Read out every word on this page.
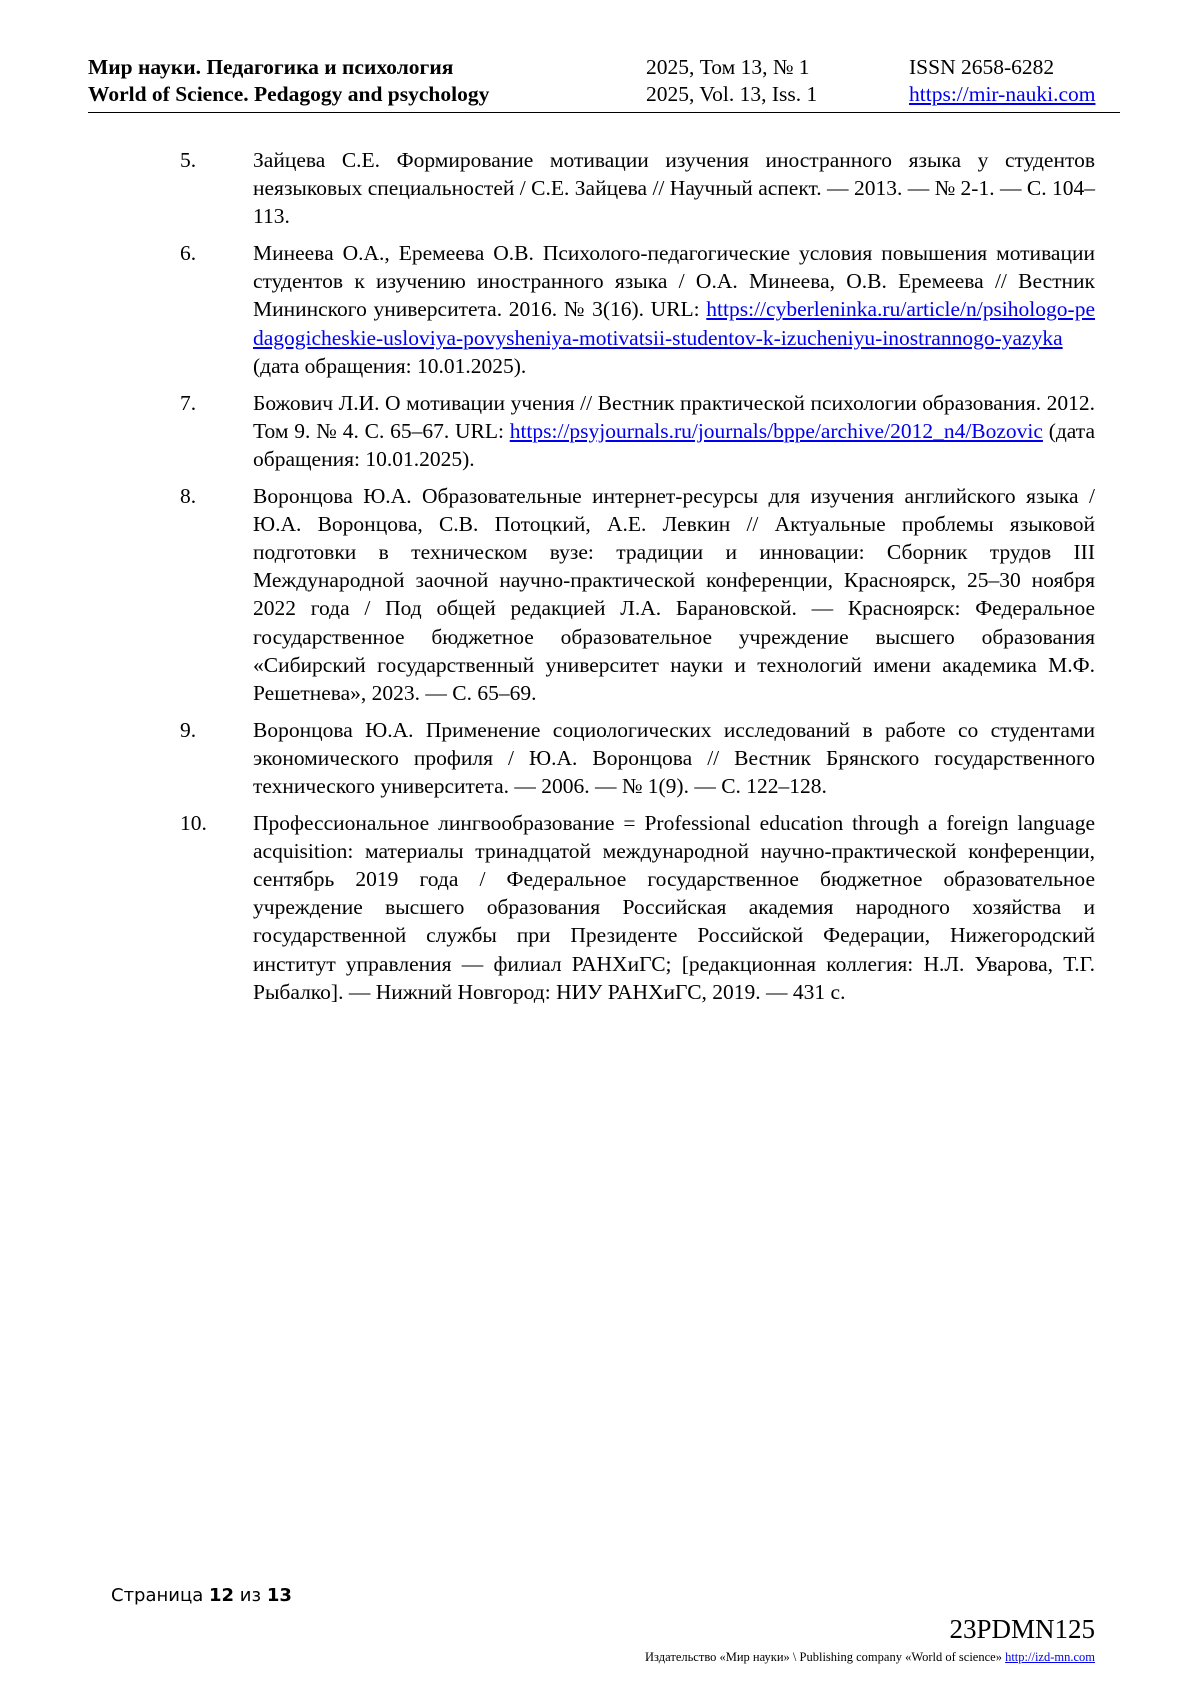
Мир науки. Педагогика и психология
World of Science. Pedagogy and psychology
2025, Том 13, № 1
2025, Vol. 13, Iss. 1
ISSN 2658-6282
https://mir-nauki.com
5.	Зайцева С.Е. Формирование мотивации изучения иностранного языка у студентов неязыковых специальностей / С.Е. Зайцева // Научный аспект. — 2013. — № 2-1. — С. 104–113.
6.	Минеева О.А., Еремеева О.В. Психолого-педагогические условия повышения мотивации студентов к изучению иностранного языка / О.А. Минеева, О.В. Еремеева // Вестник Мининского университета. 2016. № 3(16). URL: https://cyberleninka.ru/article/n/psihologo-pedagogicheskie-usloviya-povysheniya-motivatsii-studentov-k-izucheniyu-inostrannogo-yazyka (дата обращения: 10.01.2025).
7.	Божович Л.И. О мотивации учения // Вестник практической психологии образования. 2012. Том 9. № 4. С. 65–67. URL: https://psyjournals.ru/journals/bppe/archive/2012_n4/Bozovic (дата обращения: 10.01.2025).
8.	Воронцова Ю.А. Образовательные интернет-ресурсы для изучения английского языка / Ю.А. Воронцова, С.В. Потоцкий, А.Е. Левкин // Актуальные проблемы языковой подготовки в техническом вузе: традиции и инновации: Сборник трудов III Международной заочной научно-практической конференции, Красноярск, 25–30 ноября 2022 года / Под общей редакцией Л.А. Барановской. — Красноярск: Федеральное государственное бюджетное образовательное учреждение высшего образования «Сибирский государственный университет науки и технологий имени академика М.Ф. Решетнева», 2023. — С. 65–69.
9.	Воронцова Ю.А. Применение социологических исследований в работе со студентами экономического профиля / Ю.А. Воронцова // Вестник Брянского государственного технического университета. — 2006. — № 1(9). — С. 122–128.
10. Профессиональное лингвообразование = Professional education through a foreign language acquisition: материалы тринадцатой международной научно-практической конференции, сентябрь 2019 года / Федеральное государственное бюджетное образовательное учреждение высшего образования Российская академия народного хозяйства и государственной службы при Президенте Российской Федерации, Нижегородский институт управления — филиал РАНХиГС; [редакционная коллегия: Н.Л. Уварова, Т.Г. Рыбалко]. — Нижний Новгород: НИУ РАНХиГС, 2019. — 431 с.
Страница 12 из 13
23PDMN125
Издательство «Мир науки» \ Publishing company «World of science» http://izd-mn.com
